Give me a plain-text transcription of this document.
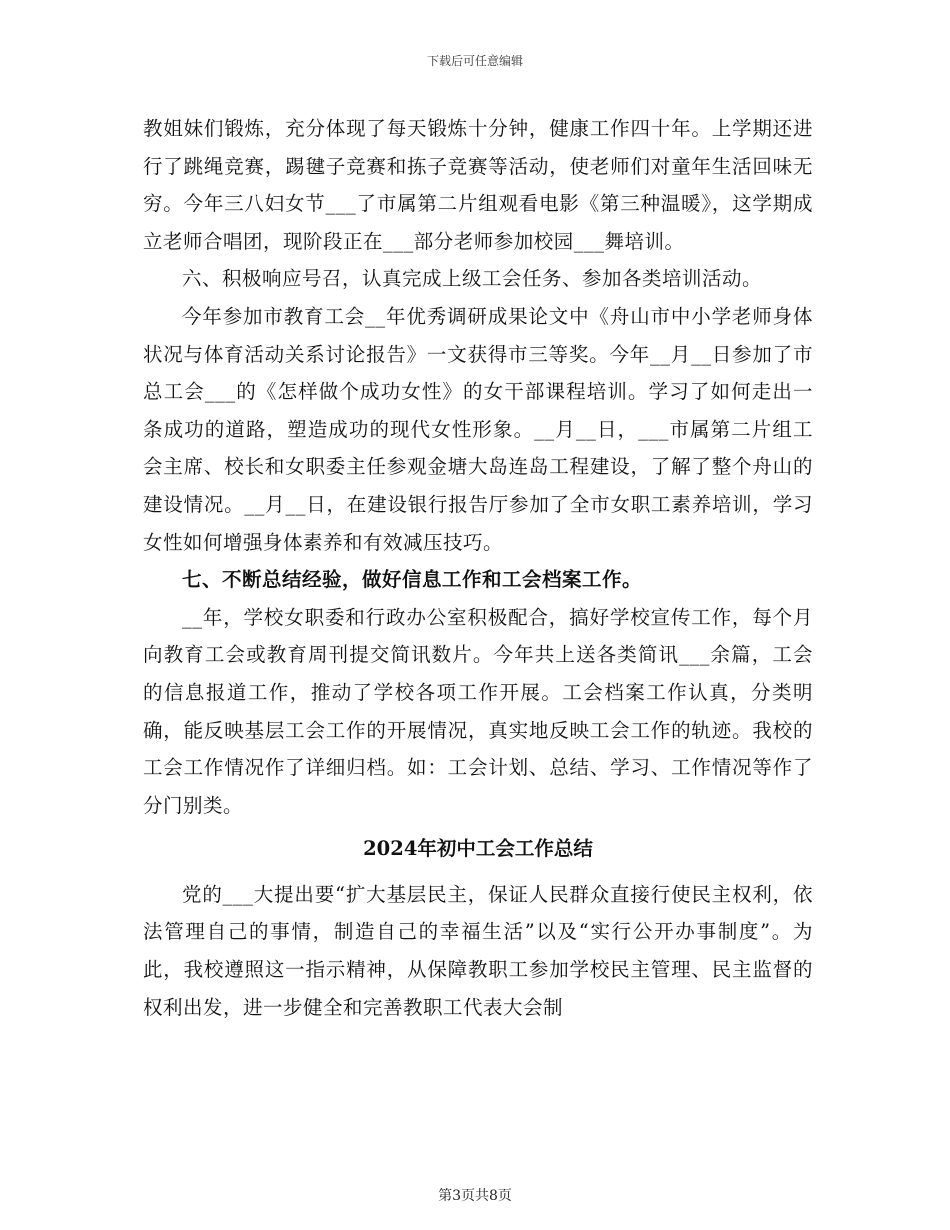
下载后可任意编辑

教姐妹们锻炼，充分体现了每天锻炼十分钟，健康工作四十年。上学期还进行了跳绳竞赛，踢毽子竞赛和拣子竞赛等活动，使老师们对童年生活回味无穷。今年三八妇女节___了市属第二片组观看电影《第三种温暖》，这学期成立老师合唱团，现阶段正在___部分老师参加校园___舞培训。

六、积极响应号召，认真完成上级工会任务、参加各类培训活动。

今年参加市教育工会__年优秀调研成果论文中《舟山市中小学老师身体状况与体育活动关系讨论报告》一文获得市三等奖。今年__月__日参加了市总工会___的《怎样做个成功女性》的女干部课程培训。学习了如何走出一条成功的道路，塑造成功的现代女性形象。__月__日，___市属第二片组工会主席、校长和女职委主任参观金塘大岛连岛工程建设，了解了整个舟山的建设情况。__月__日，在建设银行报告厅参加了全市女职工素养培训，学习女性如何增强身体素养和有效减压技巧。

七、不断总结经验，做好信息工作和工会档案工作。

__年，学校女职委和行政办公室积极配合，搞好学校宣传工作，每个月向教育工会或教育周刊提交简讯数片。今年共上送各类简讯___余篇，工会的信息报道工作，推动了学校各项工作开展。工会档案工作认真，分类明确，能反映基层工会工作的开展情况，真实地反映工会工作的轨迹。我校的工会工作情况作了详细归档。如：工会计划、总结、学习、工作情况等作了分门别类。

2024年初中工会工作总结

党的___大提出要“扩大基层民主，保证人民群众直接行使民主权利，依法管理自己的事情，制造自己的幸福生活”以及“实行公开办事制度”。为此，我校遵照这一指示精神，从保障教职工参加学校民主管理、民主监督的权利出发，进一步健全和完善教职工代表大会制

第3页共8页
